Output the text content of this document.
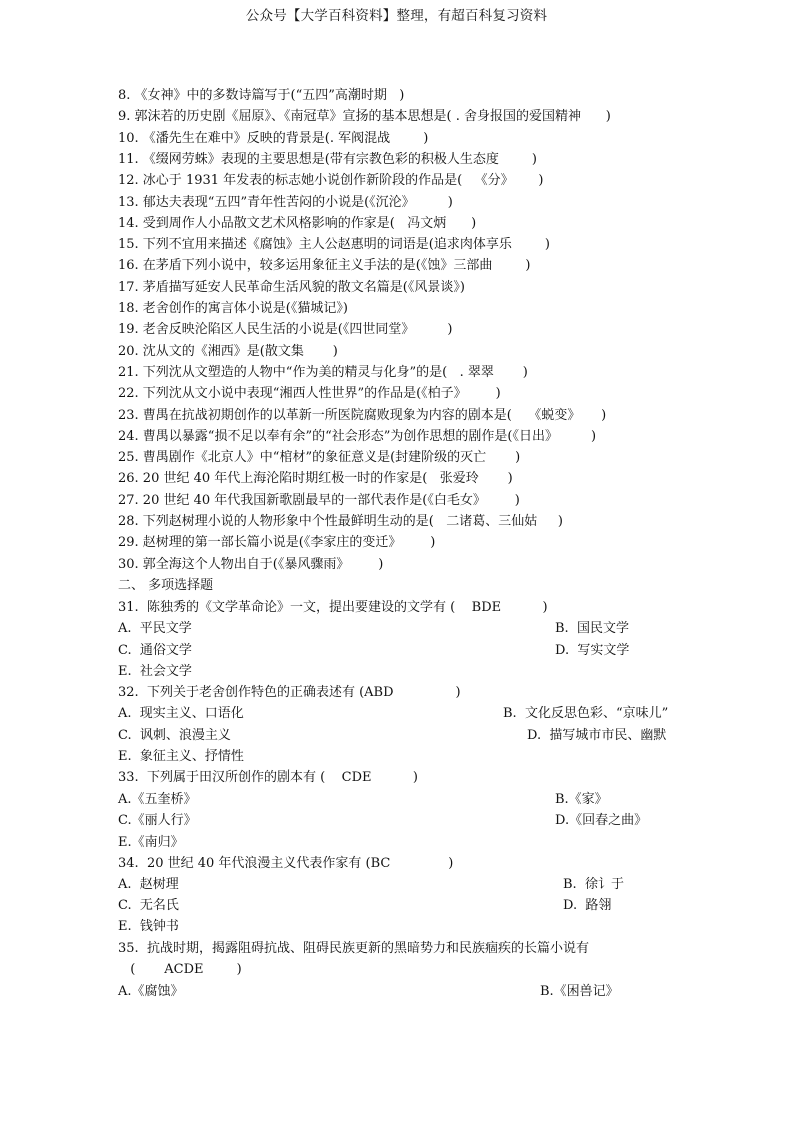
公众号【大学百科资料】整理，有超百科复习资料
8. 《女神》中的多数诗篇写于(“五四”高潮时期   )
9. 郭沫若的历史剧《屈原》、《南冠草》宣扬的基本思想是( . 舍身报国的爱国精神      )
10. 《潘先生在难中》反映的背景是(. 军阀混战        )
11. 《缀网劳蛛》表现的主要思想是(带有宗教色彩的积极人生态度        )
12. 冰心于 1931 年发表的标志她小说创作新阶段的作品是(   《分》      )
13. 郁达夫表现“五四”青年性苦闷的小说是(《沉沦》        )
14. 受到周作人小品散文艺术风格影响的作家是(   冯文炳      )
15. 下列不宜用来描述《腐蚀》主人公赵惠明的词语是(追求肉体享乐        )
16. 在茅盾下列小说中，较多运用象征主义手法的是(《蚀》三部曲        )
17. 茅盾描写延安人民革命生活风貌的散文名篇是(《风景谈》)
18. 老舍创作的寓言体小说是(《猫城记》)
19. 老舍反映沦陷区人民生活的小说是(《四世同堂》        )
20. 沈从文的《湘西》是(散文集       )
21. 下列沈从文塑造的人物中“作为美的精灵与化身”的是(   . 翠翠       )
22. 下列沈从文小说中表现“湘西人性世界”的作品是(《柏子》       )
23. 曹禺在抗战初期创作的以革新一所医院腐败现象为内容的剧本是(    《蜕变》     )
24. 曹禺以暴露“损不足以奉有余”的“社会形态”为创作思想的剧作是(《日出》        )
25. 曹禺剧作《北京人》中“棺材”的象征意义是(封建阶级的灭亡       )
26. 20 世纪 40 年代上海沦陷时期红极一时的作家是(   张爱玲       )
27. 20 世纪 40 年代我国新歌剧最早的一部代表作是(《白毛女》       )
28. 下列赵树理小说的人物形象中个性最鲜明生动的是(   二诸葛、三仙姑     )
29. 赵树理的第一部长篇小说是(《李家庄的变迁》       )
30. 郭全海这个人物出自于(《暴风骤雨》       )
二、 多项选择题
31.  陈独秀的《文学革命论》一文，提出要建设的文学有 (    BDE          )
A.  平民文学	B.  国民文学
C.  通俗文学	D.  写实文学
E.  社会文学
32.  下列关于老舍创作特色的正确表述有 (ABD               )
A.  现实主义、口语化	B.  文化反思色彩、“京味儿”
C.  讽刺、浪漫主义	D.  描写城市市民、幽默
E.  象征主义、抒情性
33.  下列属于田汉所创作的剧本有 (    CDE          )
A.《五奎桥》	B.《家》
C.《丽人行》	D.《回春之曲》
E.《南归》
34.  20 世纪 40 年代浪漫主义代表作家有 (BC              )
A.  赵树理	B.  徐讠于
C.  无名氏	D.  路翎
E.  钱钟书
35.  抗战时期，揭露阻碍抗战、阻碍民族更新的黑暗势力和民族痼疾的长篇小说有
(       ACDE        )
A.《腐蚀》	B.《困兽记》
